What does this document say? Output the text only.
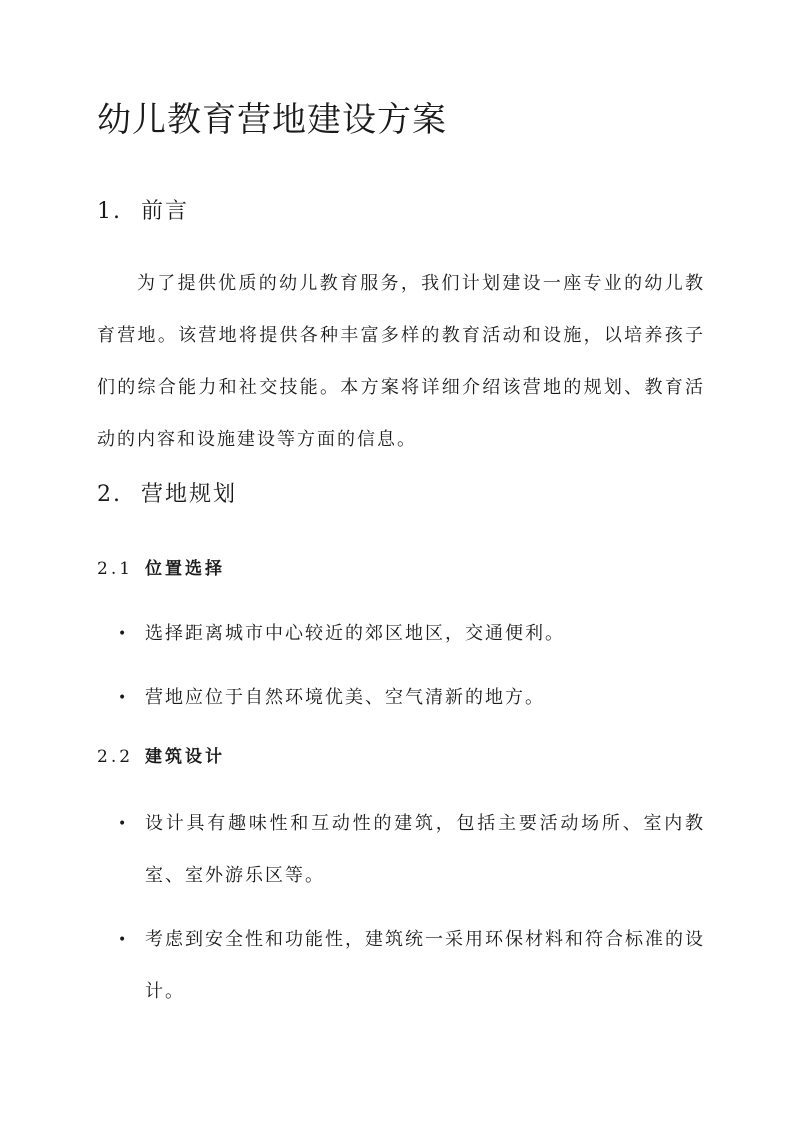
幼儿教育营地建设方案
1. 前言

为了提供优质的幼儿教育服务，我们计划建设一座专业的幼儿教育营地。该营地将提供各种丰富多样的教育活动和设施，以培养孩子们的综合能力和社交技能。本方案将详细介绍该营地的规划、教育活动的内容和设施建设等方面的信息。

2. 营地规划
2.1 位置选择
• 选择距离城市中心较近的郊区地区，交通便利。
• 营地应位于自然环境优美、空气清新的地方。
2.2 建筑设计
• 设计具有趣味性和互动性的建筑，包括主要活动场所、室内教室、室外游乐区等。
• 考虑到安全性和功能性，建筑统一采用环保材料和符合标准的设计。
